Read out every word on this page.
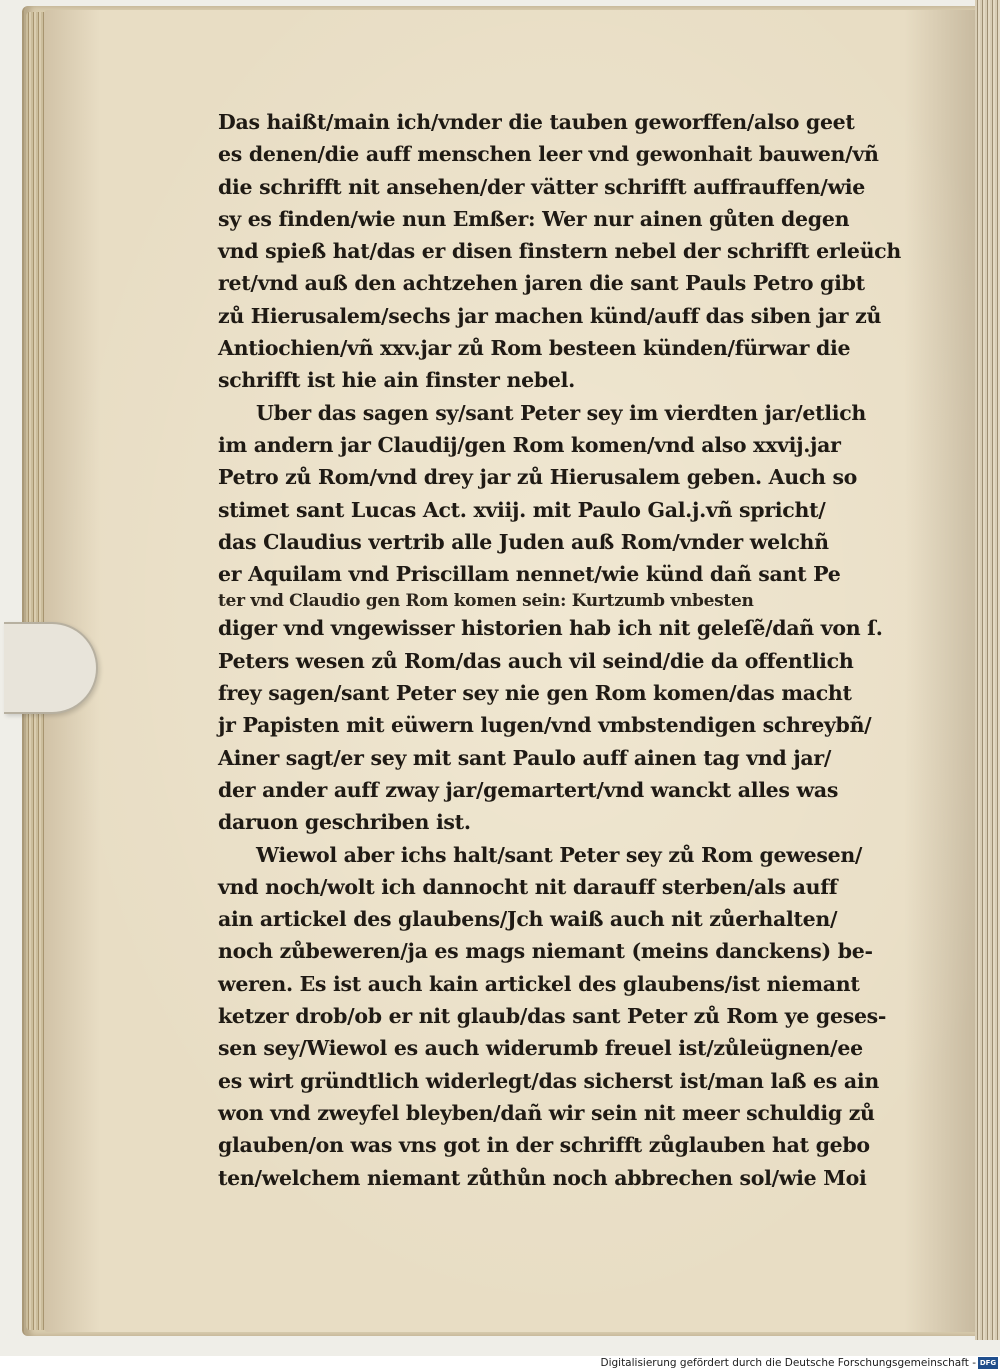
Das haißt/main ich/vnder die tauben geworffen/also geet

es denen/die auff menschen leer vnd gewonhait bauwen/vñ

die schrifft nit ansehen/der vätter schrifft auffrauffen/wie

sy es finden/wie nun Emßer: Wer nur ainen gůten degen

vnd spieß hat/das er disen finstern nebel der schrifft erleüch

ret/vnd auß den achtzehen jaren die sant Pauls Petro gibt

zů Hierusalem/sechs jar machen künd/auff das siben jar zů

Antiochien/vñ xxv.jar zů Rom besteen künden/fürwar die

schrifft ist hie ain finster nebel.

Uber das sagen sy/sant Peter sey im vierdten jar/etlich

im andern jar Claudij/gen Rom komen/vnd also xxvij.jar

Petro zů Rom/vnd drey jar zů Hierusalem geben. Auch so

stimet sant Lucas Act. xviij. mit Paulo Gal.j.vñ spricht/

das Claudius vertrib alle Juden auß Rom/vnder welchñ

er Aquilam vnd Priscillam nennet/wie künd dañ sant Pe

ter vnd Claudio gen Rom komen sein: Kurtzumb vnbesten

diger vnd vngewisser historien hab ich nit geleſẽ/dañ von ſ.

Peters wesen zů Rom/das auch vil seind/die da offentlich

frey sagen/sant Peter sey nie gen Rom komen/das macht

jr Papisten mit eüwern lugen/vnd vmbstendigen schreybñ/

Ainer sagt/er sey mit sant Paulo auff ainen tag vnd jar/

der ander auff zway jar/gemartert/vnd wanckt alles was

daruon geschriben ist.

Wiewol aber ichs halt/sant Peter sey zů Rom gewesen/

vnd noch/wolt ich dannocht nit darauff sterben/als auff

ain artickel des glaubens/Jch waiß auch nit zůerhalten/

noch zůbeweren/ja es mags niemant (meins danckens) be-

weren. Es ist auch kain artickel des glaubens/ist niemant

ketzer drob/ob er nit glaub/das sant Peter zů Rom ye geses-

sen sey/Wiewol es auch widerumb freuel ist/zůleügnen/ee

es wirt gründtlich widerlegt/das sicherst ist/man laß es ain

won vnd zweyfel bleyben/dañ wir sein nit meer schuldig zů

glauben/on was vns got in der schrifft zůglauben hat gebo

ten/welchem niemant zůthůn noch abbrechen sol/wie Moi

Digitalisierung gefördert durch die Deutsche Forschungsgemeinschaft - DFG
